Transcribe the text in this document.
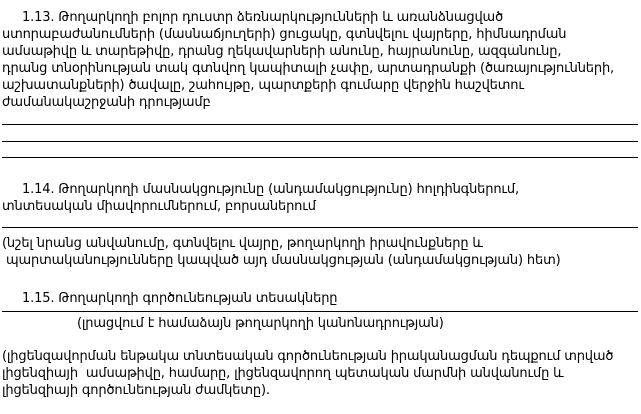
1.13. Թողարկողի բոլոր դուստր ձեռնարկությունների և առանձնացված
ստորաբաժանումների (մասնաճյուղերի) ցուցակը, գտնվելու վայրերը, հիմնադրման
ամսաթիվը և տարեթիվը, դրանց ղեկավարների անունը, հայրանունը, ազգանունը,
դրանց տնօրինության տակ գտնվող կապիտալի չափը, արտադրանքի (ծառայությունների,
աշխատանքների) ծավալը, շահույթը, պարտքերի գումարը վերջին հաշվետու
ժամանակաշրջանի դրությամբ
1.14. Թողարկողի մասնակցությունը (անդամակցությունը) հոլդինգներում,
տնտեսական միավորումներում, բորսաներում
(նշել նրանց անվանումը, գտնվելու վայրը, թողարկողի իրավունքները և
պարտականությունները կապված այդ մասնակցության (անդամակցության) հետ)
1.15. Թողարկողի գործունեության տեսակները
(լրացվում է համաձայն թողարկողի կանոնադրության)
(լիցենզավորման ենթակա տնտեսական գործունեության իրականացման դեպքում տրված
լիցենզիայի  ամսաթիվը, համարը, լիցենզավորող պետական մարմնի անվանումը և
լիցենզիայի գործունեության ժամկետը).
